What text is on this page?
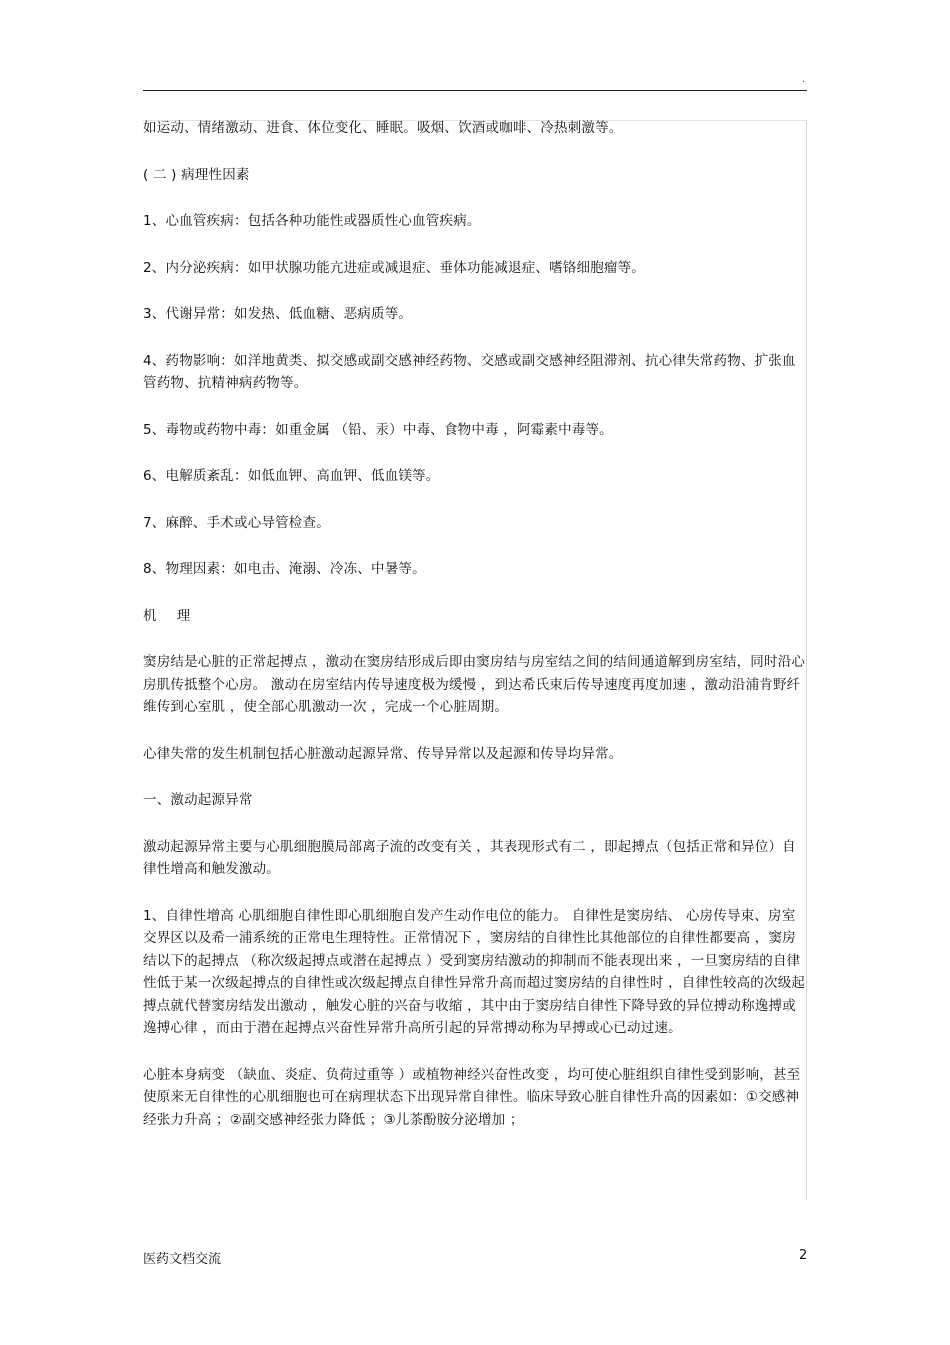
.

如运动、情绪激动、进食、体位变化、睡眠。吸烟、饮酒或咖啡、冷热刺激等。

( 二 ) 病理性因素

1、心血管疾病：包括各种功能性或器质性心血管疾病。

2、内分泌疾病：如甲状腺功能亢进症或减退症、垂体功能减退症、嗜铬细胞瘤等。

3、代谢异常：如发热、低血糖、恶病质等。

4、药物影响：如洋地黄类、拟交感或副交感神经药物、交感或副交感神经阻滞剂、抗心律失常药物、扩张血管药物、抗精神病药物等。

5、毒物或药物中毒：如重金属 （铅、汞）中毒、食物中毒 ，阿霉素中毒等。

6、电解质紊乱：如低血钾、高血钾、低血镁等。

7、麻醉、手术或心导管检查。

8、物理因素：如电击、淹溺、冷冻、中暑等。

机 理

窦房结是心脏的正常起搏点 ，激动在窦房结形成后即由窦房结与房室结之间的结间通道解到房室结，同时沿心房肌传抵整个心房。 激动在房室结内传导速度极为缓慢 ，到达希氏束后传导速度再度加速 ，激动沿浦肯野纤维传到心室肌 ，使全部心肌激动一次 ，完成一个心脏周期。

心律失常的发生机制包括心脏激动起源异常、传导异常以及起源和传导均异常。

一、激动起源异常

激动起源异常主要与心肌细胞膜局部离子流的改变有关 ，其表现形式有二 ，即起搏点（包括正常和异位）自律性增高和触发激动。

1、自律性增高 心肌细胞自律性即心肌细胞自发产生动作电位的能力。 自律性是窦房结、 心房传导束、房室交界区以及希一浦系统的正常电生理特性。正常情况下 ，窦房结的自律性比其他部位的自律性都要高 ，窦房结以下的起搏点 （称次级起搏点或潜在起搏点 ）受到窦房结激动的抑制而不能表现出来 ，一旦窦房结的自律性低于某一次级起搏点的自律性或次级起搏点自律性异常升高而超过窦房结的自律性时 ，自律性较高的次级起搏点就代替窦房结发出激动 ，触发心脏的兴奋与收缩 ，其中由于窦房结自律性下降导致的异位搏动称逸搏或逸搏心律 ，而由于潜在起搏点兴奋性异常升高所引起的异常搏动称为早搏或心已动过速。

心脏本身病变 （缺血、炎症、负荷过重等 ）或植物神经兴奋性改变 ，均可使心脏组织自律性受到影响，甚至使原来无自律性的心肌细胞也可在病理状态下出现异常自律性。临床导致心脏自律性升高的因素如：①交感神经张力升高 ；②副交感神经张力降低 ；③儿茶酚胺分泌增加 ；

医药文档交流	2
